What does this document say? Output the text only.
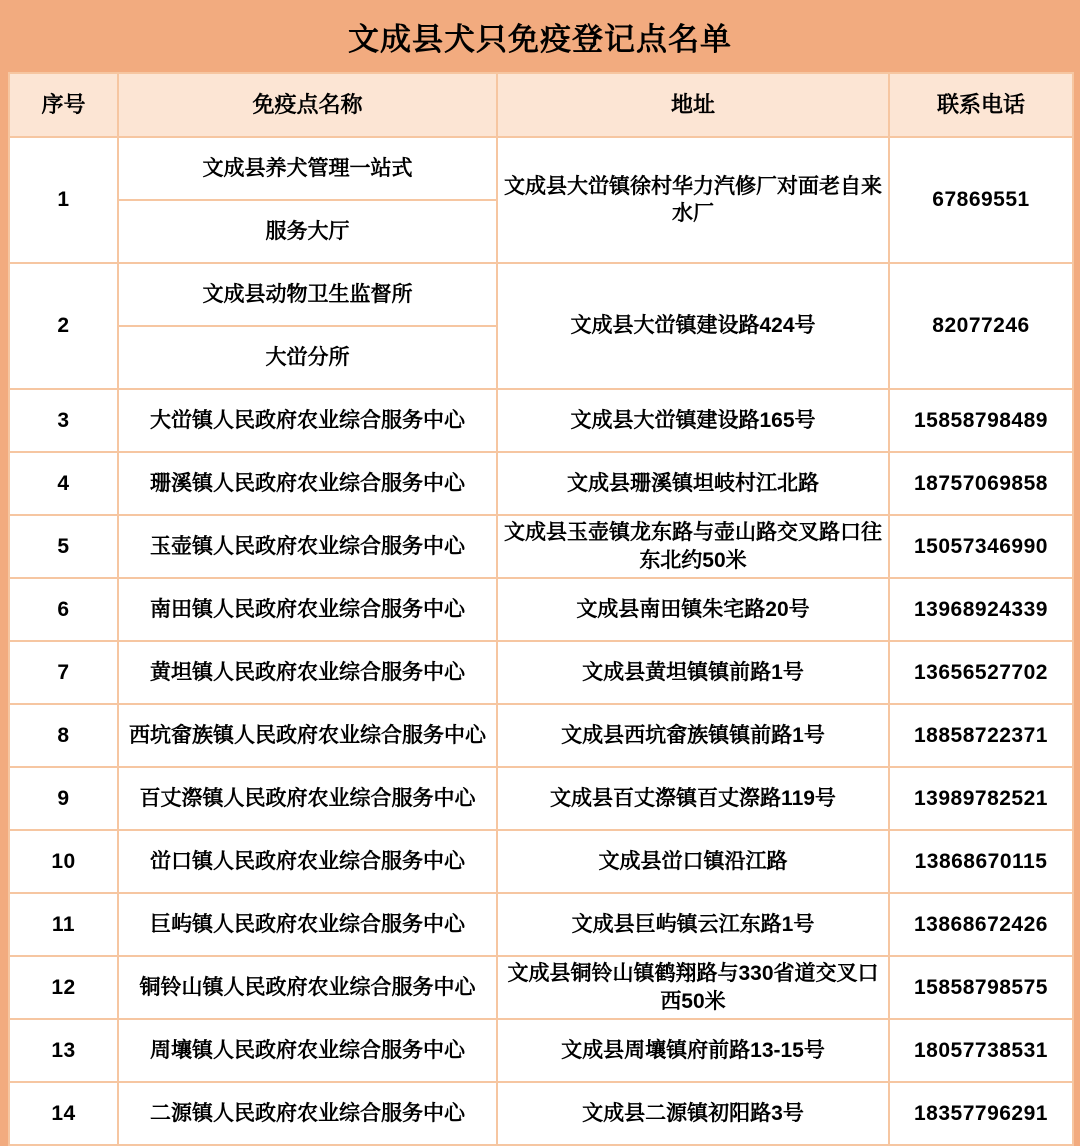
文成县犬只免疫登记点名单
序号	免疫点名称	地址	联系电话
1	文成县养犬管理一站式	文成县大峃镇徐村华力汽修厂对面老自来水厂	67869551
	服务大厅		
2	文成县动物卫生监督所	文成县大峃镇建设路424号	82077246
	大峃分所		
3	大峃镇人民政府农业综合服务中心	文成县大峃镇建设路165号	15858798489
4	珊溪镇人民政府农业综合服务中心	文成县珊溪镇坦岐村江北路	18757069858
5	玉壶镇人民政府农业综合服务中心	文成县玉壶镇龙东路与壶山路交叉路口往东北约50米	15057346990
6	南田镇人民政府农业综合服务中心	文成县南田镇朱宅路20号	13968924339
7	黄坦镇人民政府农业综合服务中心	文成县黄坦镇镇前路1号	13656527702
8	西坑畲族镇人民政府农业综合服务中心	文成县西坑畲族镇镇前路1号	18858722371
9	百丈漈镇人民政府农业综合服务中心	文成县百丈漈镇百丈漈路119号	13989782521
10	峃口镇人民政府农业综合服务中心	文成县峃口镇沿江路	13868670115
11	巨屿镇人民政府农业综合服务中心	文成县巨屿镇云江东路1号	13868672426
12	铜铃山镇人民政府农业综合服务中心	文成县铜铃山镇鹤翔路与330省道交叉口西50米	15858798575
13	周壤镇人民政府农业综合服务中心	文成县周壤镇府前路13-15号	18057738531
14	二源镇人民政府农业综合服务中心	文成县二源镇初阳路3号	18357796291
